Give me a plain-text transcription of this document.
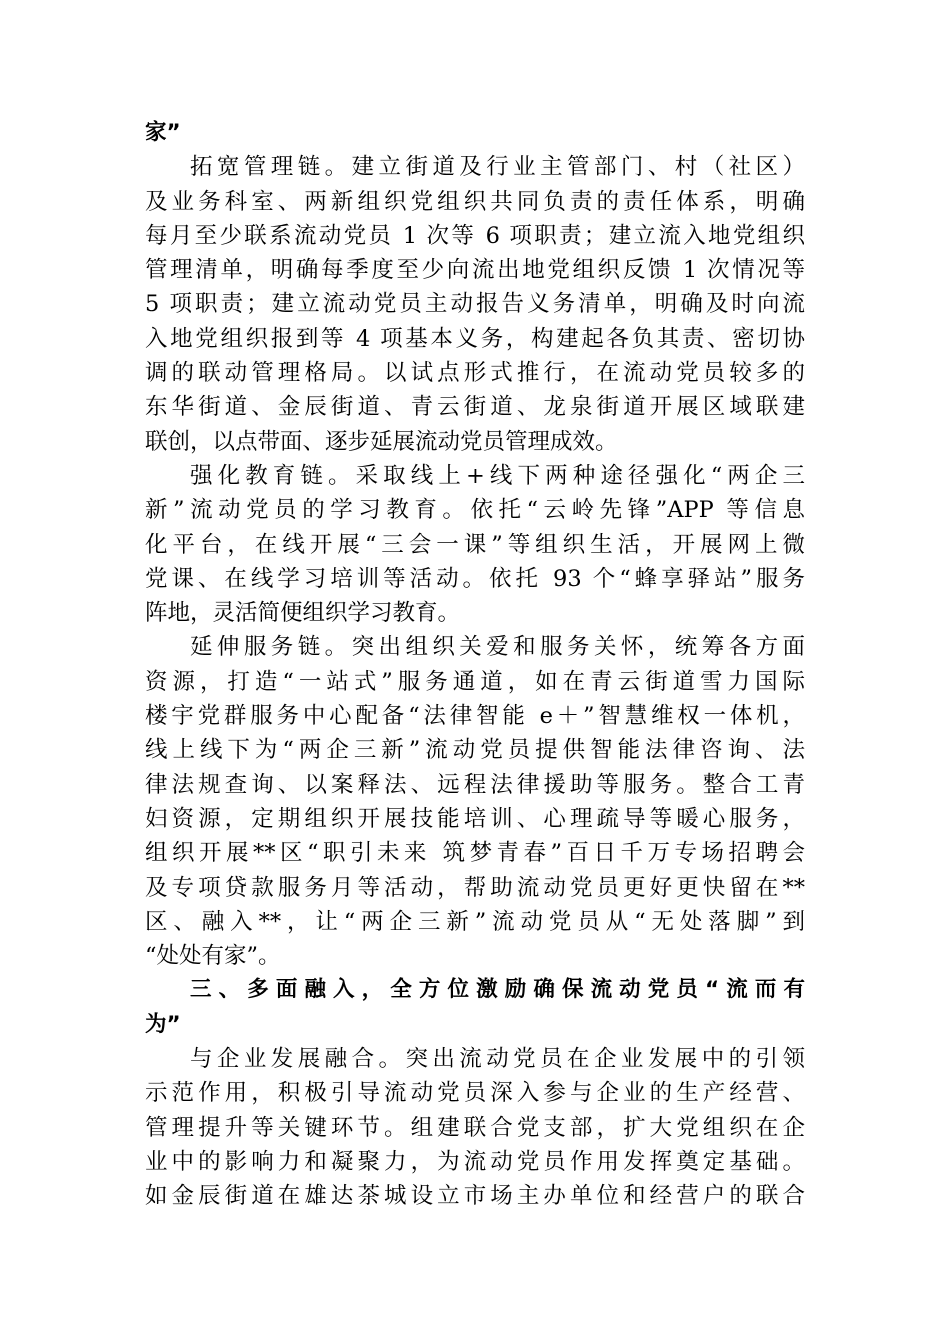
家”
拓宽管理链。建立街道及行业主管部门、村（社区）
及业务科室、两新组织党组织共同负责的责任体系，明确
每月至少联系流动党员 1 次等 6 项职责；建立流入地党组织
管理清单，明确每季度至少向流出地党组织反馈 1 次情况等
5 项职责；建立流动党员主动报告义务清单，明确及时向流
入地党组织报到等 4 项基本义务，构建起各负其责、密切协
调的联动管理格局。以试点形式推行，在流动党员较多的
东华街道、金辰街道、青云街道、龙泉街道开展区域联建
联创，以点带面、逐步延展流动党员管理成效。
强化教育链。采取线上+线下两种途径强化“两企三
新”流动党员的学习教育。依托“云岭先锋”APP 等信息
化平台，在线开展“三会一课”等组织生活，开展网上微
党课、在线学习培训等活动。依托 93 个“蜂享驿站”服务
阵地，灵活简便组织学习教育。
延伸服务链。突出组织关爱和服务关怀，统筹各方面
资源，打造“一站式”服务通道，如在青云街道雪力国际
楼宇党群服务中心配备“法律智能 e＋”智慧维权一体机，
线上线下为“两企三新”流动党员提供智能法律咨询、法
律法规查询、以案释法、远程法律援助等服务。整合工青
妇资源，定期组织开展技能培训、心理疏导等暖心服务，
组织开展**区“职引未来 筑梦青春”百日千万专场招聘会
及专项贷款服务月等活动，帮助流动党员更好更快留在**
区、融入**，让“两企三新”流动党员从“无处落脚”到
“处处有家”。
三、多面融入，全方位激励确保流动党员“流而有
为”
与企业发展融合。突出流动党员在企业发展中的引领
示范作用，积极引导流动党员深入参与企业的生产经营、
管理提升等关键环节。组建联合党支部，扩大党组织在企
业中的影响力和凝聚力，为流动党员作用发挥奠定基础。
如金辰街道在雄达茶城设立市场主办单位和经营户的联合
